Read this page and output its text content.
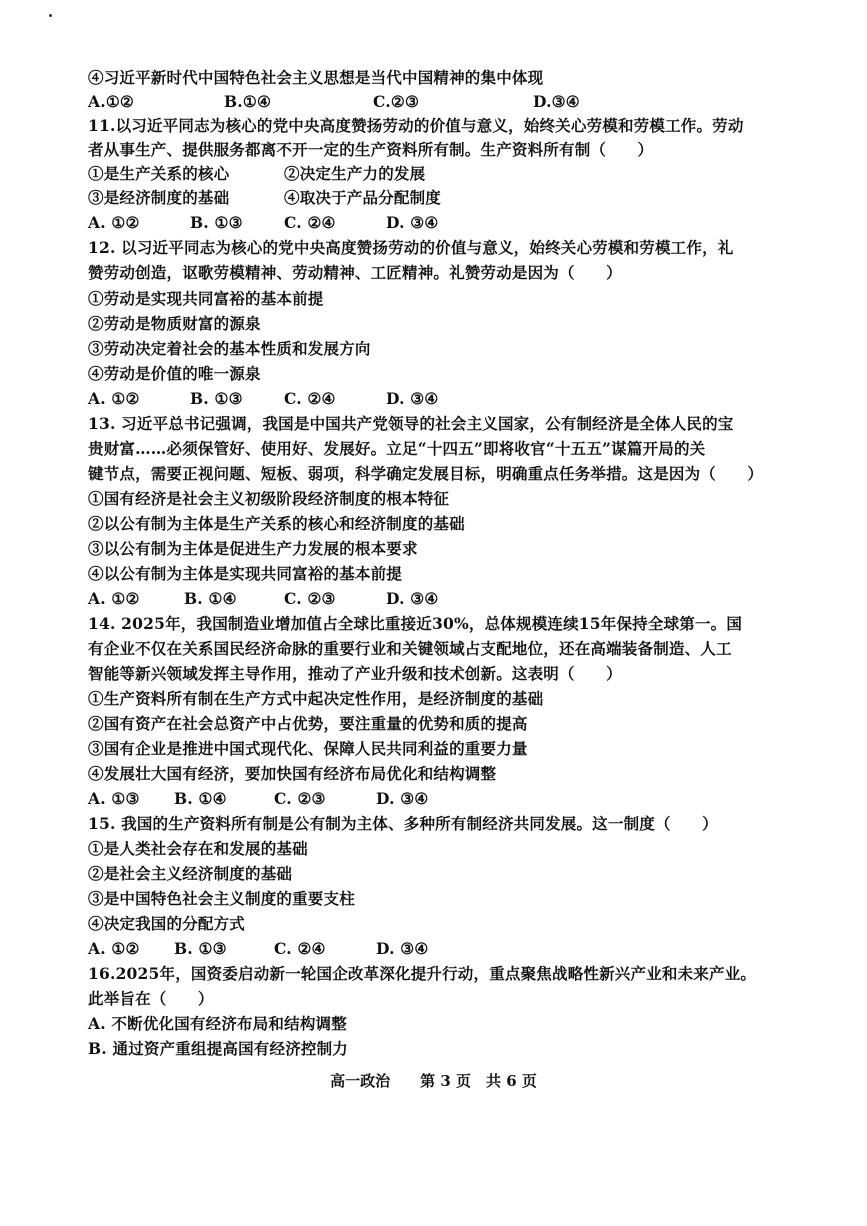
④习近平新时代中国特色社会主义思想是当代中国精神的集中体现
A.①②	B.①④	C.②③	D.③④
11.以习近平同志为核心的党中央高度赞扬劳动的价值与意义，始终关心劳模和劳模工作。劳动
者从事生产、提供服务都离不开一定的生产资料所有制。生产资料所有制（　　）
①是生产关系的核心	②决定生产力的发展
③是经济制度的基础	④取决于产品分配制度
A. ①②	B. ①③	C. ②④	D. ③④
12. 以习近平同志为核心的党中央高度赞扬劳动的价值与意义，始终关心劳模和劳模工作，礼
赞劳动创造，讴歌劳模精神、劳动精神、工匠精神。礼赞劳动是因为（　　）
①劳动是实现共同富裕的基本前提
②劳动是物质财富的源泉
③劳动决定着社会的基本性质和发展方向
④劳动是价值的唯一源泉
A. ①②	B. ①③	C. ②④	D. ③④
13. 习近平总书记强调，我国是中国共产党领导的社会主义国家，公有制经济是全体人民的宝
贵财富……必须保管好、使用好、发展好。立足“十四五”即将收官“十五五”谋篇开局的关
键节点，需要正视问题、短板、弱项，科学确定发展目标，明确重点任务举措。这是因为（　　）
①国有经济是社会主义初级阶段经济制度的根本特征
②以公有制为主体是生产关系的核心和经济制度的基础
③以公有制为主体是促进生产力发展的根本要求
④以公有制为主体是实现共同富裕的基本前提
A. ①②	B. ①④	C. ②③	D. ③④
14. 2025年，我国制造业增加值占全球比重接近30%，总体规模连续15年保持全球第一。国
有企业不仅在关系国民经济命脉的重要行业和关键领域占支配地位，还在高端装备制造、人工
智能等新兴领域发挥主导作用，推动了产业升级和技术创新。这表明（　　）
①生产资料所有制在生产方式中起决定性作用，是经济制度的基础
②国有资产在社会总资产中占优势，要注重量的优势和质的提高
③国有企业是推进中国式现代化、保障人民共同利益的重要力量
④发展壮大国有经济，要加快国有经济布局优化和结构调整
A. ①③ B. ①④	C. ②③	D. ③④
15. 我国的生产资料所有制是公有制为主体、多种所有制经济共同发展。这一制度（　　）
①是人类社会存在和发展的基础
②是社会主义经济制度的基础
③是中国特色社会主义制度的重要支柱
④决定我国的分配方式
A. ①② B. ①③	C. ②④	D. ③④
16.2025年，国资委启动新一轮国企改革深化提升行动，重点聚焦战略性新兴产业和未来产业。
此举旨在（　　）
A. 不断优化国有经济布局和结构调整
B. 通过资产重组提高国有经济控制力
高一政治　　 第 3 页　共 6 页
